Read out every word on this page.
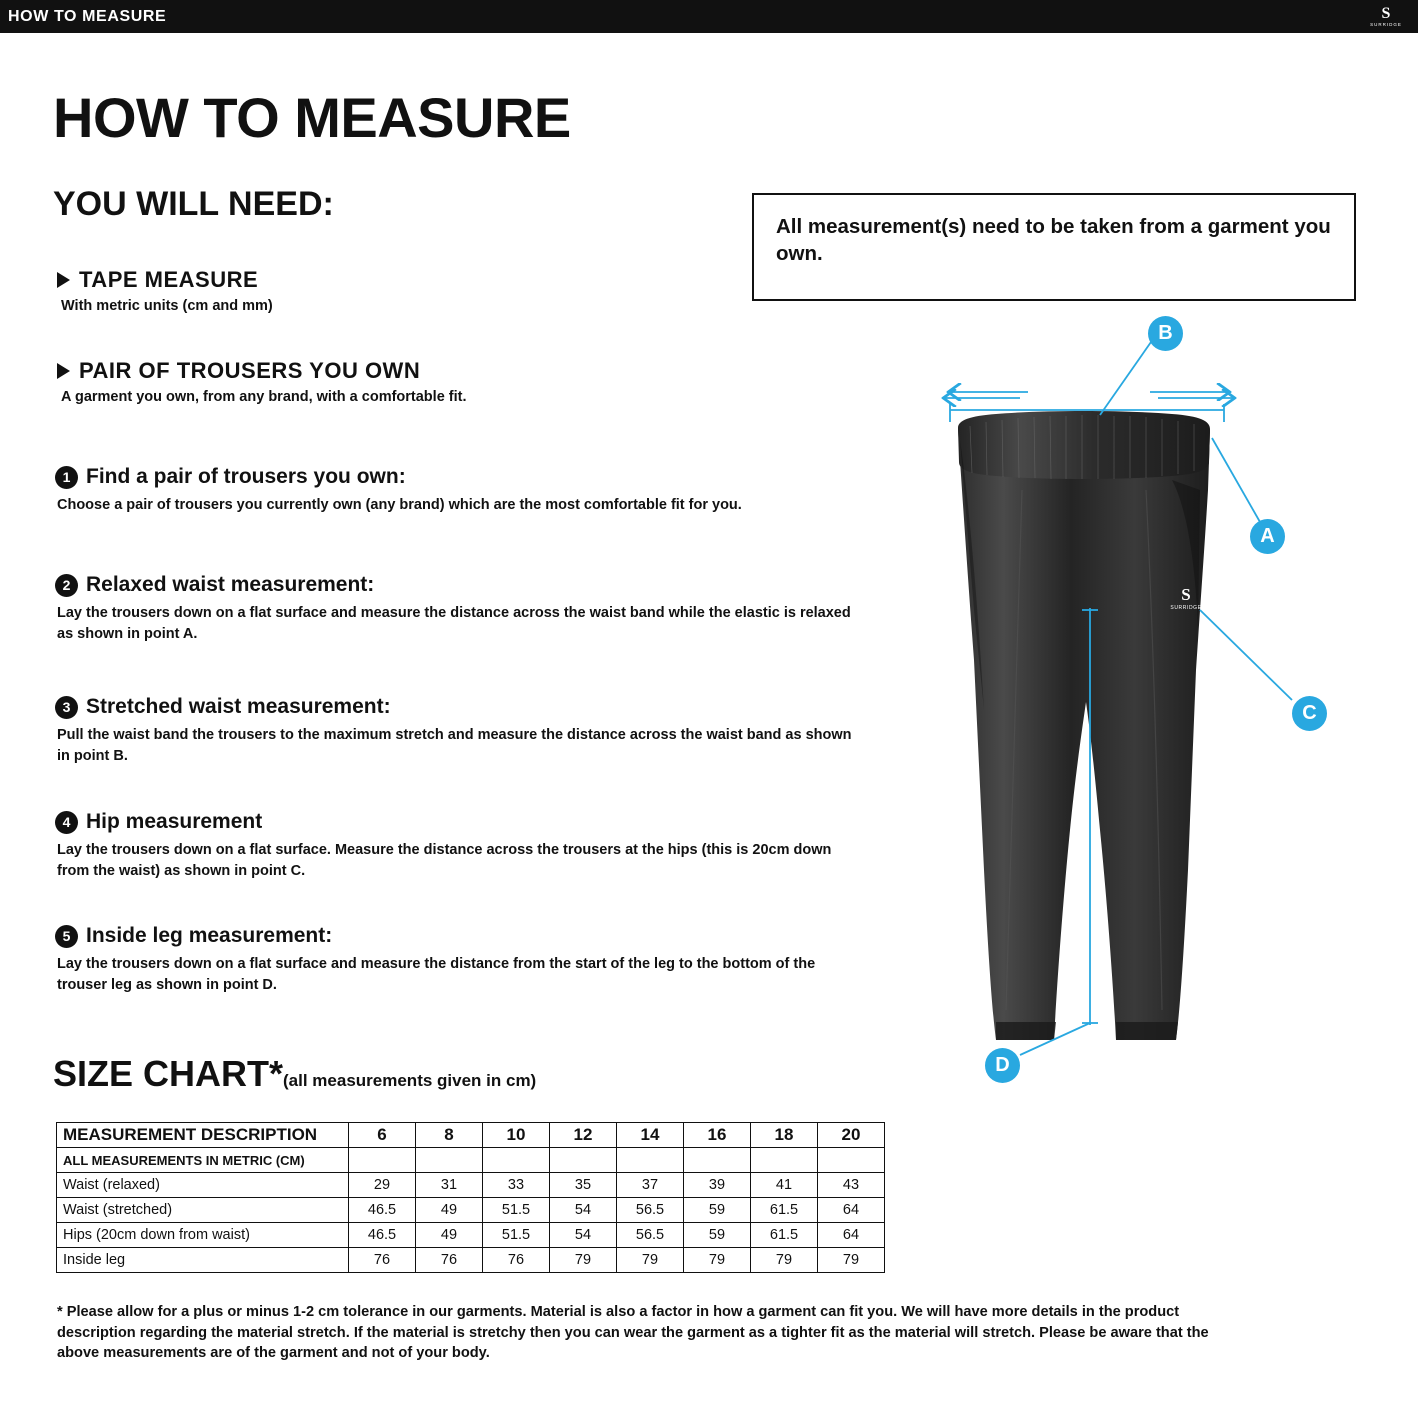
HOW TO MEASURE	S
SURRIDGE
HOW TO MEASURE
YOU WILL NEED:

All measurement(s) need to be taken from a garment you own.

TAPE MEASURE
With metric units (cm and mm)
PAIR OF TROUSERS YOU OWN
A garment you own, from any brand, with a comfortable fit.
1 Find a pair of trousers you own:
Choose a pair of trousers you currently own (any brand) which are the most comfortable fit for you.
2 Relaxed waist measurement:
Lay the trousers down on a flat surface and measure the distance across the waist band while the elastic is relaxed as shown in point A.
3 Stretched waist measurement:
Pull the waist band the trousers to the maximum stretch and measure the distance across the waist band as shown in point B.
4 Hip measurement
Lay the trousers down on a flat surface. Measure the distance across the trousers at the hips (this is 20cm down from the waist) as shown in point C.
5 Inside leg measurement:
Lay the trousers down on a flat surface and measure the distance from the start of the leg to the bottom of the trouser leg as shown in point D.
SIZE CHART*(all measurements given in cm)
MEASUREMENT DESCRIPTION	6	8	10	12	14	16	18	20
ALL MEASUREMENTS IN METRIC (CM)								
Waist (relaxed)	29	31	33	35	37	39	41	43
Waist (stretched)	46.5	49	51.5	54	56.5	59	61.5	64
Hips (20cm down from waist)	46.5	49	51.5	54	56.5	59	61.5	64
Inside leg	76	76	76	79	79	79	79	79
* Please allow for a plus or minus 1-2 cm tolerance in our garments. Material is also a factor in how a garment can fit you. We will have more details in the product description regarding the material stretch. If the material is stretchy then you can wear the garment as a tighter fit as the material will stretch. Please be aware that the above measurements are of the garment and not of your body.
S
SURRIDGE
B
A
C
D
